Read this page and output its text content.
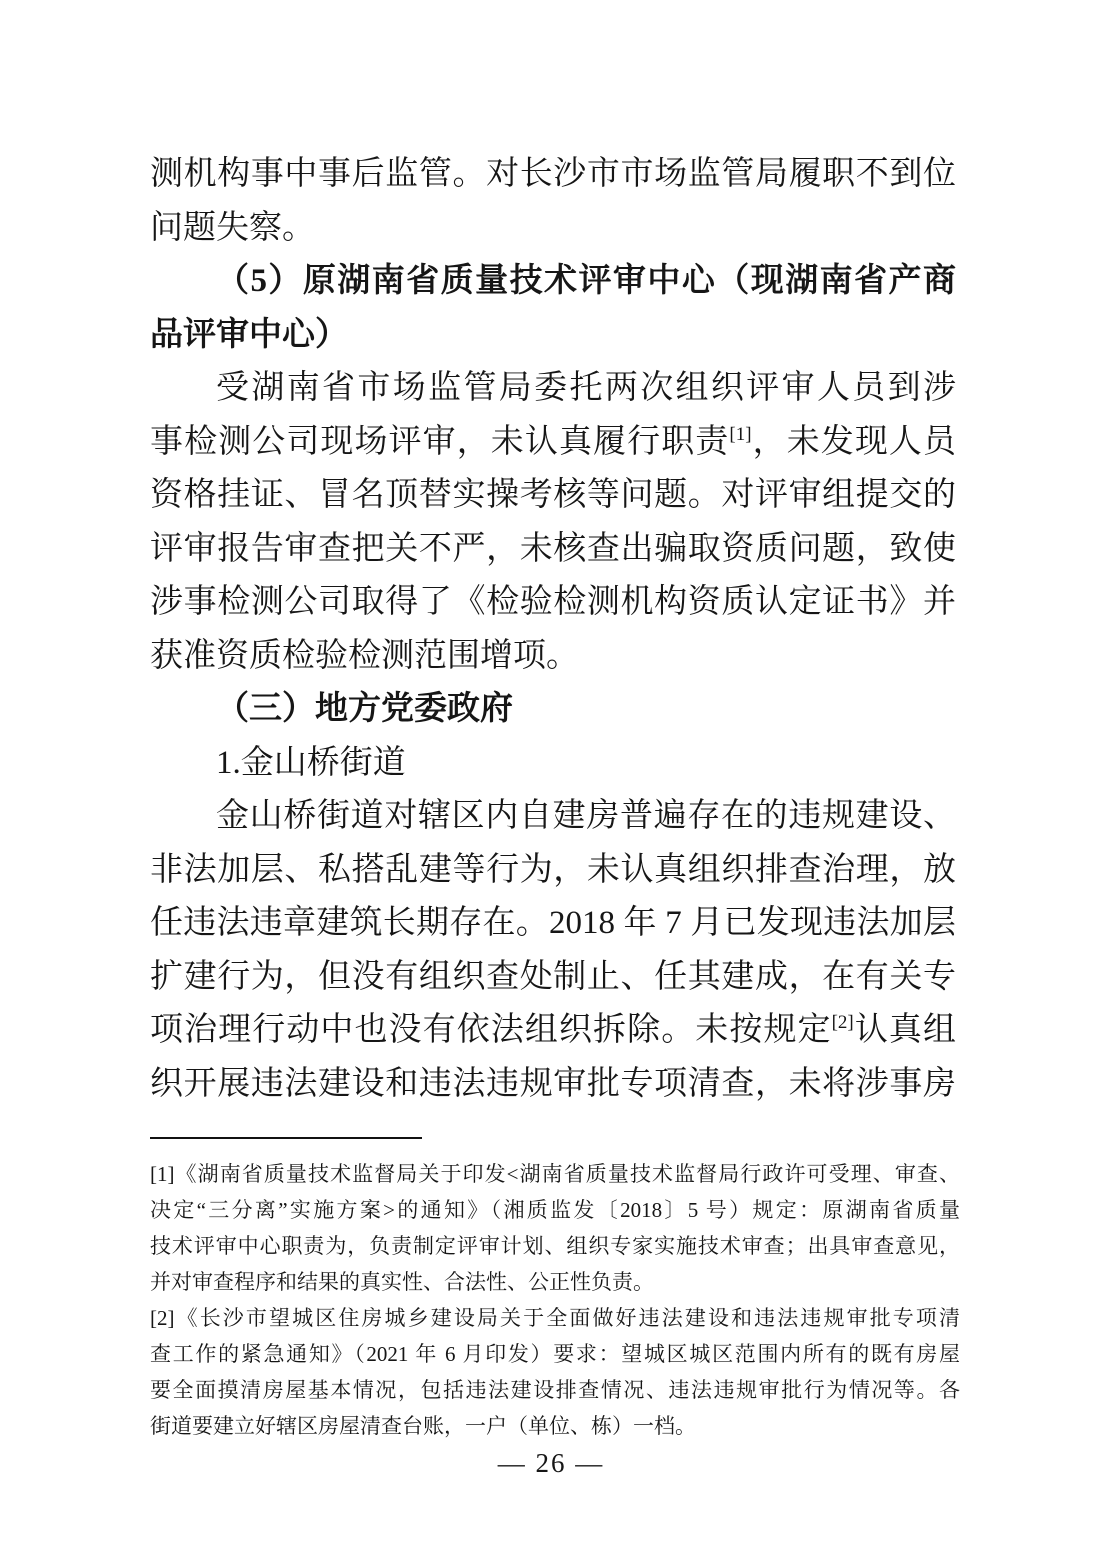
测机构事中事后监管。对长沙市市场监管局履职不到位
问题失察。
（5）原湖南省质量技术评审中心（现湖南省产商
品评审中心）
受湖南省市场监管局委托两次组织评审人员到涉
事检测公司现场评审，未认真履行职责[1]，未发现人员
资格挂证、冒名顶替实操考核等问题。对评审组提交的
评审报告审查把关不严，未核查出骗取资质问题，致使
涉事检测公司取得了《检验检测机构资质认定证书》并
获准资质检验检测范围增项。
（三）地方党委政府
1.金山桥街道
金山桥街道对辖区内自建房普遍存在的违规建设、
非法加层、私搭乱建等行为，未认真组织排查治理，放
任违法违章建筑长期存在。2018 年 7 月已发现违法加层
扩建行为，但没有组织查处制止、任其建成，在有关专
项治理行动中也没有依法组织拆除。未按规定[2]认真组
织开展违法建设和违法违规审批专项清查，未将涉事房
[1]《湖南省质量技术监督局关于印发<湖南省质量技术监督局行政许可受理、审查、
决定“三分离”实施方案>的通知》（湘质监发〔2018〕5 号）规定：原湖南省质量
技术评审中心职责为，负责制定评审计划、组织专家实施技术审查；出具审查意见，
并对审查程序和结果的真实性、合法性、公正性负责。
[2]《长沙市望城区住房城乡建设局关于全面做好违法建设和违法违规审批专项清
查工作的紧急通知》（2021 年 6 月印发）要求：望城区城区范围内所有的既有房屋
要全面摸清房屋基本情况，包括违法建设排查情况、违法违规审批行为情况等。各
街道要建立好辖区房屋清查台账，一户（单位、栋）一档。
— 26 —
